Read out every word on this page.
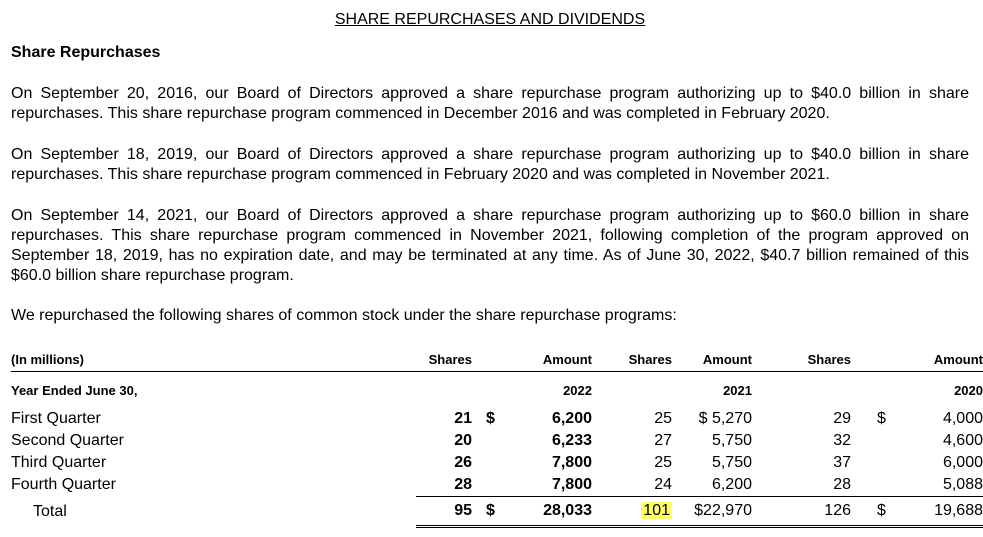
SHARE REPURCHASES AND DIVIDENDS
Share Repurchases

On September 20, 2016, our Board of Directors approved a share repurchase program authorizing up to $40.0 billion in share repurchases. This share repurchase program commenced in December 2016 and was completed in February 2020.

On September 18, 2019, our Board of Directors approved a share repurchase program authorizing up to $40.0 billion in share repurchases. This share repurchase program commenced in February 2020 and was completed in November 2021.

On September 14, 2021, our Board of Directors approved a share repurchase program authorizing up to $60.0 billion in share repurchases. This share repurchase program commenced in November 2021, following completion of the program approved on September 18, 2019, has no expiration date, and may be terminated at any time. As of June 30, 2022, $40.7 billion remained of this $60.0 billion share repurchase program.

We repurchased the following shares of common stock under the share repurchase programs:

(In millions)	Shares	Amount		Shares	Amount	Shares	Amount	
Year Ended June 30,		2022			2021		2020	
First Quarter	21	$	6,200	25	$ 5,270	29	$	4,000
Second Quarter	20		6,233	27	5,750	32		4,600
Third Quarter	26		7,800	25	5,750	37		6,000
Fourth Quarter	28		7,800	24	6,200	28		5,088
Total	95	$	28,033	101	$22,970	126	$	19,688
